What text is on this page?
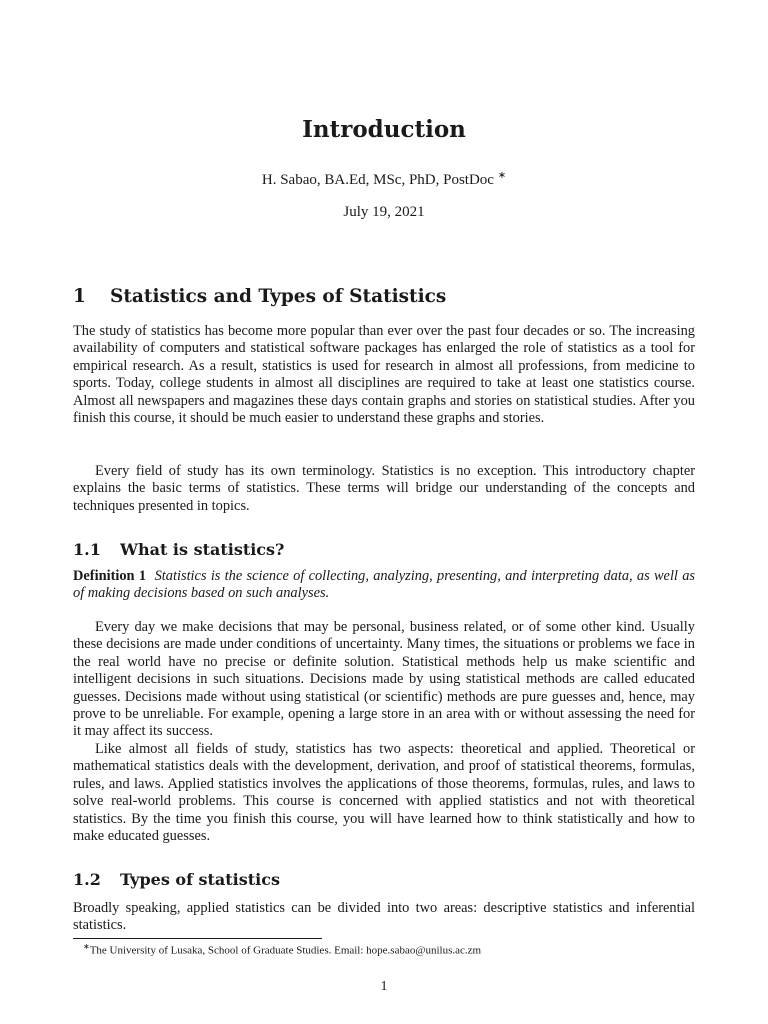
Introduction
H. Sabao, BA.Ed, MSc, PhD, PostDoc ∗
July 19, 2021
1 Statistics and Types of Statistics

The study of statistics has become more popular than ever over the past four decades or so. The increasing availability of computers and statistical software packages has enlarged the role of statistics as a tool for empirical research. As a result, statistics is used for research in almost all professions, from medicine to sports. Today, college students in almost all disciplines are required to take at least one statistics course. Almost all newspapers and magazines these days contain graphs and stories on statistical studies. After you finish this course, it should be much easier to understand these graphs and stories.

Every field of study has its own terminology. Statistics is no exception. This introductory chapter explains the basic terms of statistics. These terms will bridge our understanding of the concepts and techniques presented in topics.

1.1 What is statistics?

Definition 1 Statistics is the science of collecting, analyzing, presenting, and interpreting data, as well as of making decisions based on such analyses.

Every day we make decisions that may be personal, business related, or of some other kind. Usually these decisions are made under conditions of uncertainty. Many times, the situations or problems we face in the real world have no precise or definite solution. Statistical methods help us make scientific and intelligent decisions in such situations. Decisions made by using statistical methods are called educated guesses. Decisions made without using statistical (or scientific) methods are pure guesses and, hence, may prove to be unreliable. For example, opening a large store in an area with or without assessing the need for it may affect its success.

Like almost all fields of study, statistics has two aspects: theoretical and applied. Theoretical or mathematical statistics deals with the development, derivation, and proof of statistical theorems, formulas, rules, and laws. Applied statistics involves the applications of those theorems, formulas, rules, and laws to solve real-world problems. This course is concerned with applied statistics and not with theoretical statistics. By the time you finish this course, you will have learned how to think statistically and how to make educated guesses.

1.2 Types of statistics

Broadly speaking, applied statistics can be divided into two areas: descriptive statistics and inferential statistics.

∗The University of Lusaka, School of Graduate Studies. Email: hope.sabao@unilus.ac.zm

1
